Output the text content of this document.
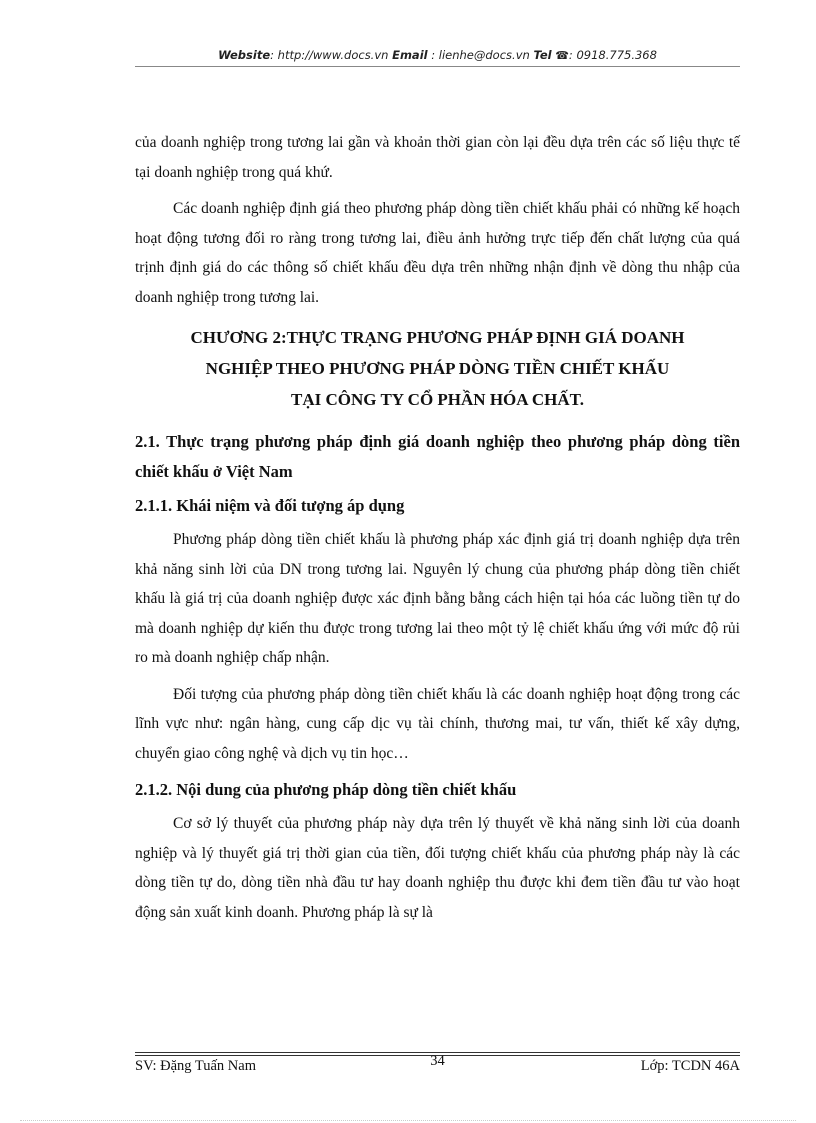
Website: http://www.docs.vn Email : lienhe@docs.vn Tel ☎: 0918.775.368

của doanh nghiệp trong tương lai gần và khoản thời gian còn lại đều dựa trên các số liệu thực tế tại doanh nghiệp trong quá khứ.

Các doanh nghiệp định giá theo phương pháp dòng tiền chiết khấu phải có những kế hoạch hoạt động tương đối ro ràng trong tương lai, điều ảnh hưởng trực tiếp đến chất lượng của quá trịnh định giá do các thông số chiết khấu đều dựa trên những nhận định về dòng thu nhập của doanh nghiệp trong tương lai.

CHƯƠNG 2:THỰC TRẠNG PHƯƠNG PHÁP ĐỊNH GIÁ DOANH
NGHIỆP THEO PHƯƠNG PHÁP DÒNG TIỀN CHIẾT KHẤU
TẠI CÔNG TY CỔ PHẦN HÓA CHẤT.
2.1. Thực trạng phương pháp định giá doanh nghiệp theo phương pháp dòng tiền chiết khấu ở Việt Nam
2.1.1. Khái niệm và đối tượng áp dụng

Phương pháp dòng tiền chiết khấu là phương pháp xác định giá trị doanh nghiệp dựa trên khả năng sinh lời của DN trong tương lai. Nguyên lý chung của phương pháp dòng tiền chiết khấu là giá trị của doanh nghiệp được xác định bằng bằng cách hiện tại hóa các luồng tiền tự do mà doanh nghiệp dự kiến thu được trong tương lai theo một tỷ lệ chiết khấu ứng với mức độ rủi ro mà doanh nghiệp chấp nhận.

Đối tượng của phương pháp dòng tiền chiết khấu là các doanh nghiệp hoạt động trong các lĩnh vực như: ngân hàng, cung cấp dịc vụ tài chính, thương mai, tư vấn, thiết kế xây dựng, chuyển giao công nghệ và dịch vụ tin học…

2.1.2. Nội dung của phương pháp dòng tiền chiết khấu

Cơ sở lý thuyết của phương pháp này dựa trên lý thuyết về khả năng sinh lời của doanh nghiệp và lý thuyết giá trị thời gian của tiền, đối tượng chiết khấu của phương pháp này là các dòng tiền tự do, dòng tiền nhà đầu tư hay doanh nghiệp thu được khi đem tiền đầu tư vào hoạt động sản xuất kinh doanh. Phương pháp là sự là

SV: Đặng Tuấn Nam	34	Lớp: TCDN 46A
